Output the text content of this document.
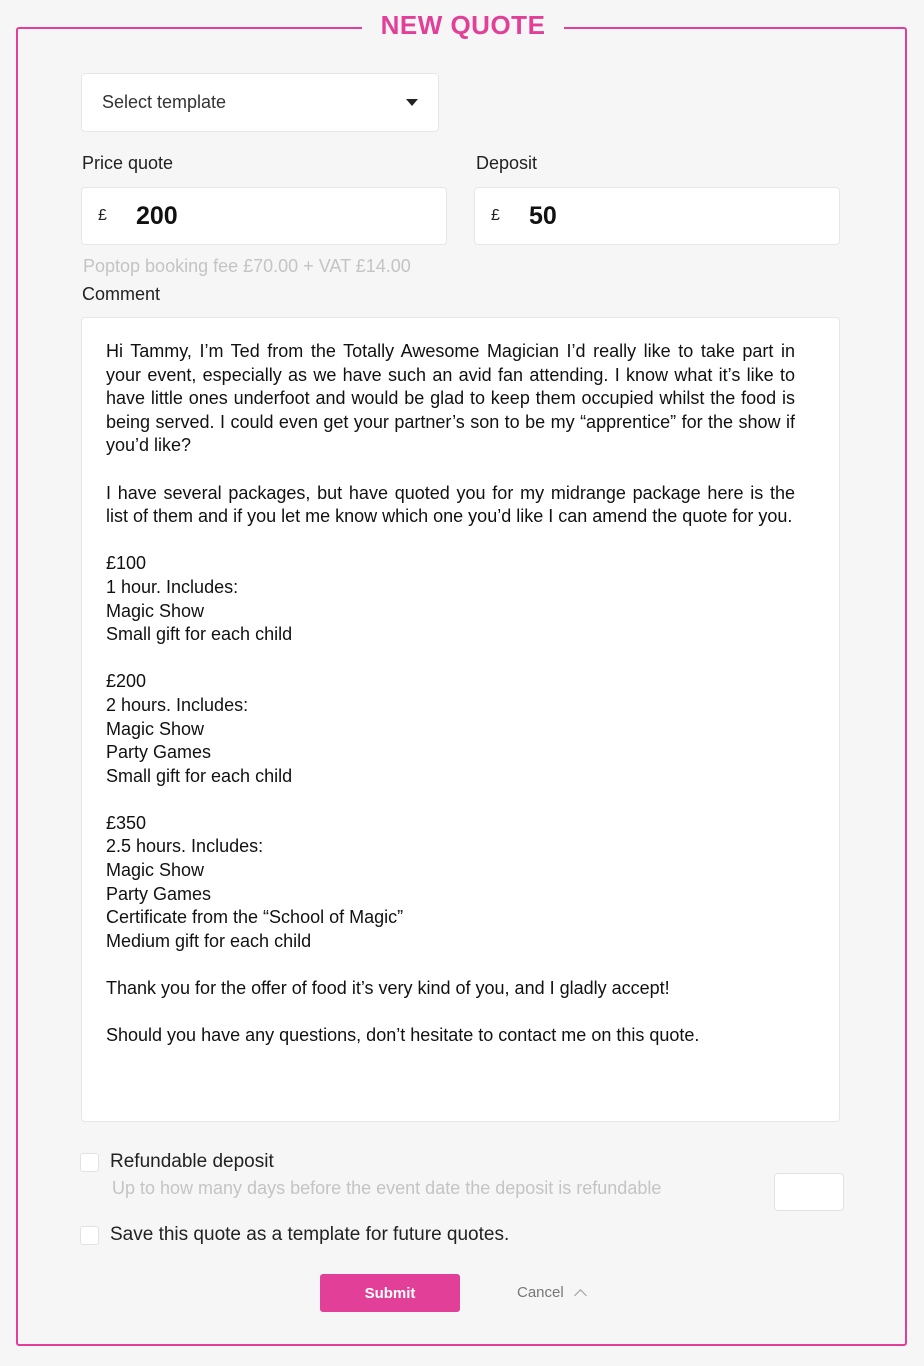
NEW QUOTE
Select template
Price quote
£
200
Deposit
£
50
Poptop booking fee £70.00 + VAT £14.00
Comment

Hi Tammy, I’m Ted from the Totally Awesome Magician I’d really like to take part in your event, especially as we have such an avid fan attending. I know what it’s like to have little ones underfoot and would be glad to keep them occupied whilst the food is being served. I could even get your partner’s son to be my “apprentice” for the show if you’d like?

I have several packages, but have quoted you for my midrange package here is the list of them and if you let me know which one you’d like I can amend the quote for you.

£100
1 hour. Includes:
Magic Show
Small gift for each child

£200
2 hours. Includes:
Magic Show
Party Games
Small gift for each child

£350
2.5 hours. Includes:
Magic Show
Party Games
Certificate from the “School of Magic”
Medium gift for each child

Thank you for the offer of food it’s very kind of you, and I gladly accept!

Should you have any questions, don’t hesitate to contact me on this quote.

Refundable deposit
Up to how many days before the event date the deposit is refundable
Save this quote as a template for future quotes.
Submit	Cancel
